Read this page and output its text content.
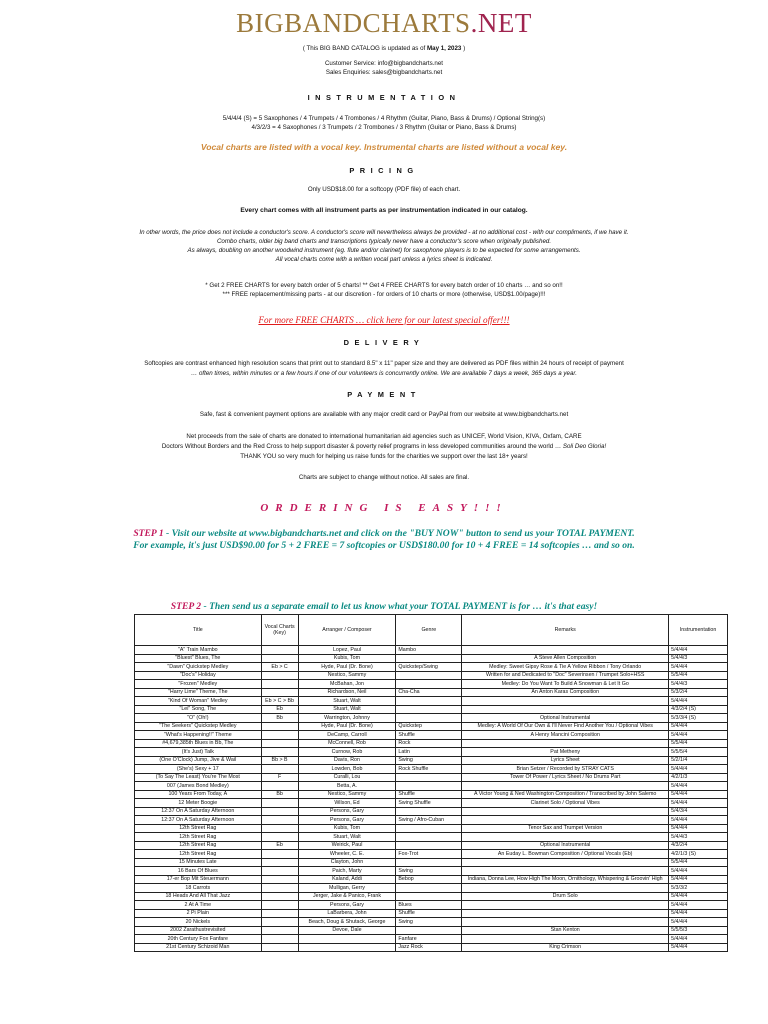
BIGBANDCHARTS.NET
( This BIG BAND CATALOG is updated as of May 1, 2023 )
Customer Service: info@bigbandcharts.net
Sales Enquiries: sales@bigbandcharts.net
INSTRUMENTATION
5/4/4/4 (S) = 5 Saxophones / 4 Trumpets / 4 Trombones / 4 Rhythm (Guitar, Piano, Bass & Drums) / Optional String(s)
4/3/2/3 = 4 Saxophones / 3 Trumpets / 2 Trombones / 3 Rhythm (Guitar or Piano, Bass & Drums)
Vocal charts are listed with a vocal key. Instrumental charts are listed without a vocal key.
PRICING
Only USD$18.00 for a softcopy (PDF file) of each chart.
Every chart comes with all instrument parts as per instrumentation indicated in our catalog.
In other words, the price does not include a conductor's score. A conductor's score will nevertheless always be provided - at no additional cost - with our compliments, if we have it.
Combo charts, older big band charts and transcriptions typically never have a conductor's score when originally published.
As always, doubling on another woodwind instrument (eg. flute and/or clarinet) for saxophone players is to be expected for some arrangements.
All vocal charts come with a written vocal part unless a lyrics sheet is indicated.
* Get 2 FREE CHARTS for every batch order of 5 charts! ** Get 4 FREE CHARTS for every batch order of 10 charts … and so on!!
*** FREE replacement/missing parts - at our discretion - for orders of 10 charts or more (otherwise, USD$1.00/page)!!!
For more FREE CHARTS … click here for our latest special offer!!!
DELIVERY
Softcopies are contrast enhanced high resolution scans that print out to standard 8.5" x 11" paper size and they are delivered as PDF files within 24 hours of receipt of payment
… often times, within minutes or a few hours if one of our volunteers is concurrently online. We are available 7 days a week, 365 days a year.
PAYMENT
Safe, fast & convenient payment options are available with any major credit card or PayPal from our website at www.bigbandcharts.net
Net proceeds from the sale of charts are donated to international humanitarian aid agencies such as UNICEF, World Vision, KIVA, Oxfam, CARE
Doctors Without Borders and the Red Cross to help support disaster & poverty relief programs in less developed communities around the world … Soli Deo Gloria!
THANK YOU so very much for helping us raise funds for the charities we support over the last 18+ years!
Charts are subject to change without notice. All sales are final.
ORDERING IS EASY!!!
STEP 1 - Visit our website at www.bigbandcharts.net and click on the "BUY NOW" button to send us your TOTAL PAYMENT.
For example, it's just USD$90.00 for 5 + 2 FREE = 7 softcopies or USD$180.00 for 10 + 4 FREE = 14 softcopies … and so on.
STEP 2 - Then send us a separate email to let us know what your TOTAL PAYMENT is for … it's that easy!
Title	Vocal Charts
(Key)	Arranger / Composer	Genre	Remarks	Instrumentation
"A" Train Mambo		Lopez, Paul	Mambo		5/4/4/4
"Bluest" Blues, The		Kubis, Tom		A Steve Allen Composition	5/4/4/3
"Dawn" Quickstep Medley	Eb > C	Hyde, Paul (Dr. Bone)	Quickstep/Swing	Medley: Sweet Gipsy Rose & Tie A Yellow Ribbon / Tony Orlando	5/4/4/4
"Doc's" Holiday		Nestico, Sammy		Written for and Dedicated to "Doc" Severinsen / Trumpet Solo+HSS	5/5/4/4
"Frozen" Medley		McBahan, Jon		Medley: Do You Want To Build A Snowman & Let It Go	5/4/4/3
"Harry Lime" Theme, The		Richardson, Neil	Cha-Cha	An Anton Karas Composition	5/3/2/4
"Kind Of Woman" Medley	Eb > C > Bb	Stuart, Walt			5/4/4/4
"Lei" Song, The	Eb	Stuart, Walt			4/3/2/4 (S)
"O" (Oh!)	Bb	Warrington, Johnny		Optional Instrumental	5/3/3/4 (S)
"The Seekers" Quickstep Medley		Hyde, Paul (Dr. Bone)	Quickstep	Medley: A World Of Our Own & I'll Never Find Another You / Optional Vibes	5/4/4/4
"What's Happening!!" Theme		DeCamp, Carroll	Shuffle	A Henry Mancini Composition	5/4/4/4
#4,679,385th Blues in Bb, The		McConnell, Rob	Rock		5/5/4/4
(It's Just) Talk		Curnow, Rob	Latin	Pat Metheny	5/5/5/4
(One O'Clock) Jump, Jive & Wail	Bb > B	Davis, Ron	Swing	Lyrics Sheet	5/2/1/4
(She's) Sexy + 17		Lowden, Bob	Rock Shuffle	Brian Setzer / Recorded by STRAY CATS	5/4/4/4
(To Say The Least) You're The Most	F	Curalli, Lou		Tower Of Power / Lyrics Sheet / No Drums Part	4/2/1/3
007 (James Bond Medley)		Betta, A.			5/4/4/4
100 Years From Today, A	Bb	Nestico, Sammy	Shuffle	A Victor Young & Ned Washington Composition / Transcribed by John Salemo	5/4/4/4
12 Meter Boogie		Wilson, Ed	Swing Shuffle	Clarinet Solo / Optional Vibes	5/4/4/4
12:37 On A Saturday Afternoon		Persons, Gary			5/4/3/4
12:37 On A Saturday Afternoon		Persons, Gary	Swing / Afro-Cuban		5/4/4/4
12th Street Rag		Kubis, Tom		Tenor Sax and Trumpet Version	5/4/4/4
12th Street Rag		Stuart, Walt			5/4/4/3
12th Street Rag	Eb	Weirick, Paul		Optional Instrumental	4/3/2/4
12th Street Rag		Wheeler, C. E.	Fox-Trot	An Euday L. Bowman Composition / Optional Vocals (Eb)	4/2/1/3 (S)
15 Minutes Late		Clayton, John			5/5/4/4
16 Bars Of Blues		Paich, Marty	Swing		5/4/4/4
17-er Bop Mit Steuermann		Kaland, Addi	Bebop	Indiana, Donna Lee, How High The Moon, Ornithology, Whispering & Groovin' High	5/4/4/4
18 Carrots		Mulligan, Gerry			5/3/3/2
18 Heads And All That Jazz		Jerger, Jake & Panico, Frank		Drum Solo	5/4/4/4
2 At A Time		Persons, Gary	Blues		5/4/4/4
2 Pi Plain		LaBarbera, John	Shuffle		5/4/4/4
20 Nickels		Beach, Doug & Shutack, George	Swing		5/4/4/4
2002 Zarathustrevisited		Devoe, Dale		Stan Kenton	5/5/5/3
20th Century Fox Fanfare			Fanfare		5/4/4/4
21st Century Schizoid Man			Jazz Rock	King Crimson	5/4/4/4
